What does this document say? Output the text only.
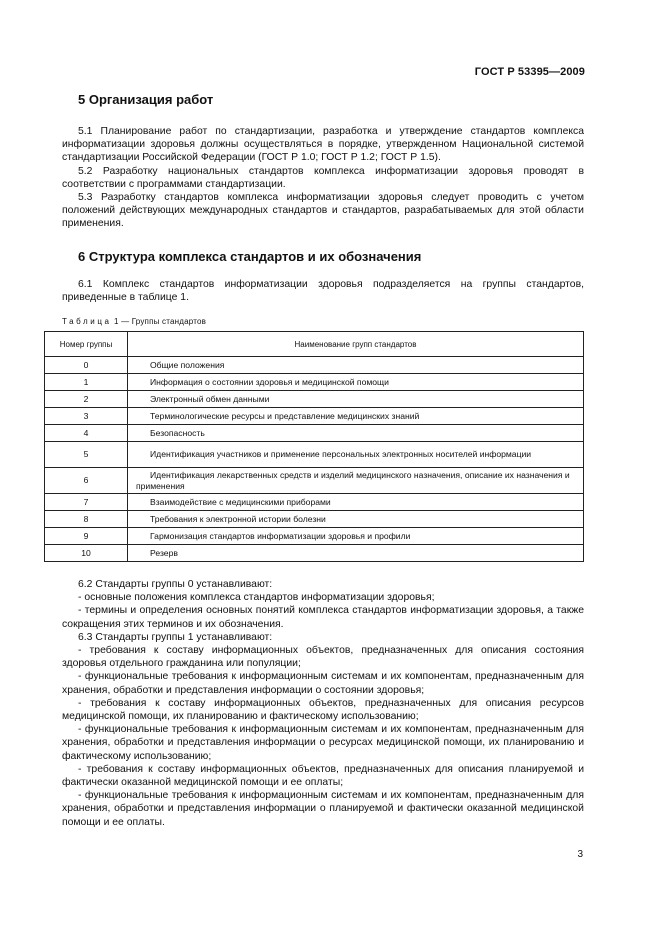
ГОСТ Р 53395—2009
5 Организация работ

5.1 Планирование работ по стандартизации, разработка и утверждение стандартов комплекса информатизации здоровья должны осуществляться в порядке, утвержденном Национальной системой стандартизации Российской Федерации (ГОСТ Р 1.0; ГОСТ Р 1.2; ГОСТ Р 1.5).

5.2 Разработку национальных стандартов комплекса информатизации здоровья проводят в соответствии с программами стандартизации.

5.3 Разработку стандартов комплекса информатизации здоровья следует проводить с учетом положений действующих международных стандартов и стандартов, разрабатываемых для этой области применения.

6 Структура комплекса стандартов и их обозначения

6.1 Комплекс стандартов информатизации здоровья подразделяется на группы стандартов, приведенные в таблице 1.

Таблица 1 — Группы стандартов
Номер группы	Наименование групп стандартов
0	Общие положения
1	Информация о состоянии здоровья и медицинской помощи
2	Электронный обмен данными
3	Терминологические ресурсы и представление медицинских знаний
4	Безопасность
5	Идентификация участников и применение персональных электронных носителей информации
6	Идентификация лекарственных средств и изделий медицинского назначения, описание их назначения и применения
7	Взаимодействие с медицинскими приборами
8	Требования к электронной истории болезни
9	Гармонизация стандартов информатизации здоровья и профили
10	Резерв

6.2 Стандарты группы 0 устанавливают:

- основные положения комплекса стандартов информатизации здоровья;

- термины и определения основных понятий комплекса стандартов информатизации здоровья, а также сокращения этих терминов и их обозначения.

6.3 Стандарты группы 1 устанавливают:

- требования к составу информационных объектов, предназначенных для описания состояния здоровья отдельного гражданина или популяции;

- функциональные требования к информационным системам и их компонентам, предназначенным для хранения, обработки и представления информации о состоянии здоровья;

- требования к составу информационных объектов, предназначенных для описания ресурсов медицинской помощи, их планированию и фактическому использованию;

- функциональные требования к информационным системам и их компонентам, предназначенным для хранения, обработки и представления информации о ресурсах медицинской помощи, их планированию и фактическому использованию;

- требования к составу информационных объектов, предназначенных для описания планируемой и фактически оказанной медицинской помощи и ее оплаты;

- функциональные требования к информационным системам и их компонентам, предназначенным для хранения, обработки и представления информации о планируемой и фактически оказанной медицинской помощи и ее оплаты.

3
